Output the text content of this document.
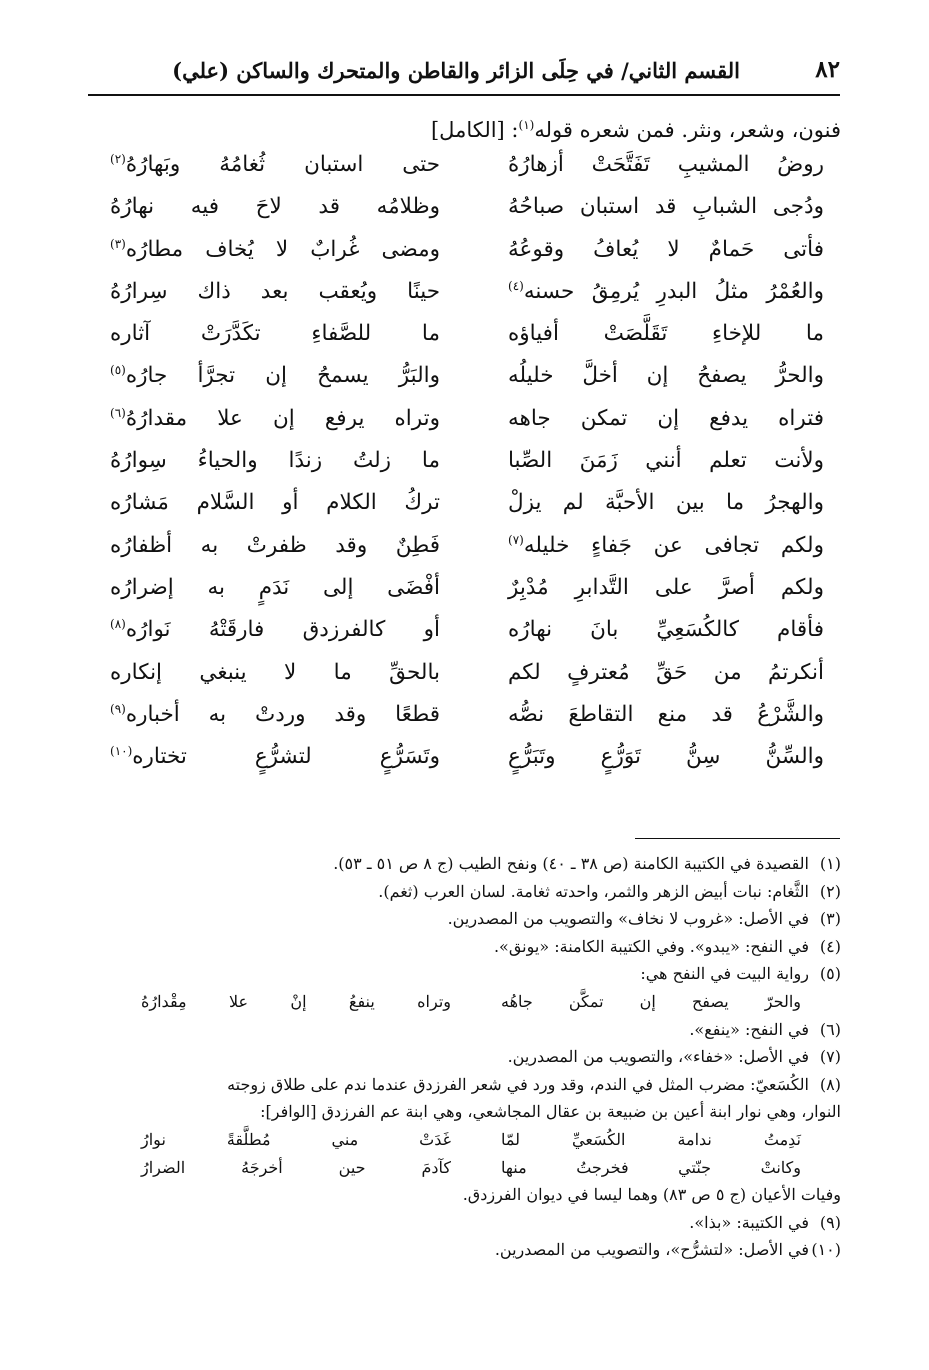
٨٢
القسم الثاني/ في حِلَى الزائر والقاطن والمتحرك والساكن (علي)
فنون، وشعر، ونثر. فمن شعره قوله$^{(١)}$: [الكامل]
روضُ المشيبِ تَفَتَّحَتْ أزهارُهُ
حتى استبان ثُغامُهُ وبَهارُهُ$^{(٢)}$
ودُجى الشبابِ قد استبان صباحُهُ
وظلامُه قد لاحَ فيه نهارُهُ
فأتى حَمامٌ لا يُعافُ وقوعُهُ
ومضى غُرابٌ لا يُخاف مطارُه$^{(٣)}$
والعُمْرُ مثلُ البدرِ يُرمِقُ حسنه$^{(٤)}$
حينًا ويُعقب بعد ذاك سِرارُهُ
ما للإخاءِ تَقَلَّصَتْ أفياؤه
ما للصَّفاءِ تكَدَّرَتْ آثاره
والحرُّ يصفحُ إن أخلَّ خليلُه
والبَرُّ يسمحُ إن تجرَّأ جارُه$^{(٥)}$
فتراه يدفع إن تمكن جاهه
وتراه يرفع إن علا مقدارُهُ$^{(٦)}$
ولأنت تعلم أنني زَمَنَ الصِّبا
ما زلتُ زندًا والحياءُ سِوارُهُ
والهجرُ ما بين الأحبَّة لم يزلْ
تركُ الكلام أو السَّلام مَشارُه
ولكم تجافى عن جَفاءٍ خليله$^{(٧)}$
فَطِنٌ وقد ظفرتْ به أظفارُه
ولكم أصرَّ على التَّدابرِ مُدْبِرٌ
أفْضَى إلى نَدَمٍ به إضرارُه
فأقام كالكُسَعِيِّ بانَ نهارُه
أو كالفرزدق فارقَتْهُ نَوارُه$^{(٨)}$
أنكرتمُ من حَقِّ مُعترفٍ لكم
بالحقِّ ما لا ينبغي إنكاره
والشَّرْعُ قد منع التقاطعَ نصُّه
قطعًا وقد وردتْ به أخباره$^{(٩)}$
والسِّنُّ سِنُّ تَوَرُّعٍ وتَبَرُّعٍ
وتَسَرُّعٍ لتشرُّعٍ تختاره$^{(١٠)}$
(١)القصيدة في الكتيبة الكامنة (ص ٣٨ ـ ٤٠) ونفح الطيب (ج ٨ ص ٥١ ـ ٥٣).
(٢)الثَّغام: نبات أبيض الزهر والثمر، واحدته ثغامة. لسان العرب (ثغم).
(٣)في الأصل: «غروب لا نخاف» والتصويب من المصدرين.
(٤)في النفح: «يبدو». وفي الكتيبة الكامنة: «يونق».
(٥)رواية البيت في النفح هي:
والحرّ يصفح إن تمكَّن جاهُه
وتراه ينفعُ إنْ علا مِقْدارُهُ
(٦)في النفح: «ينفع».
(٧)في الأصل: «خفاء»، والتصويب من المصدرين.
(٨)الكُسَعيّ: مضرب المثل في الندم، وقد ورد في شعر الفرزدق عندما ندم على طلاق زوجته
النوار، وهي نوار ابنة أعين بن ضبيعة بن عقال المجاشعي، وهي ابنة عم الفرزدق [الوافر]:
نَدِمتُ ندامة الكُسَعيِّ لمّا
غَدَتْ مني مُطلَّقةً نوارُ
وكانتْ جنّتي فخرجتُ منها
كآدمَ حين أخرجَهُ الضرارُ
وفيات الأعيان (ج ٥ ص ٨٣) وهما ليسا في ديوان الفرزدق.
(٩)في الكتيبة: «بذا».
(١٠)في الأصل: «لتشرُّح»، والتصويب من المصدرين.
